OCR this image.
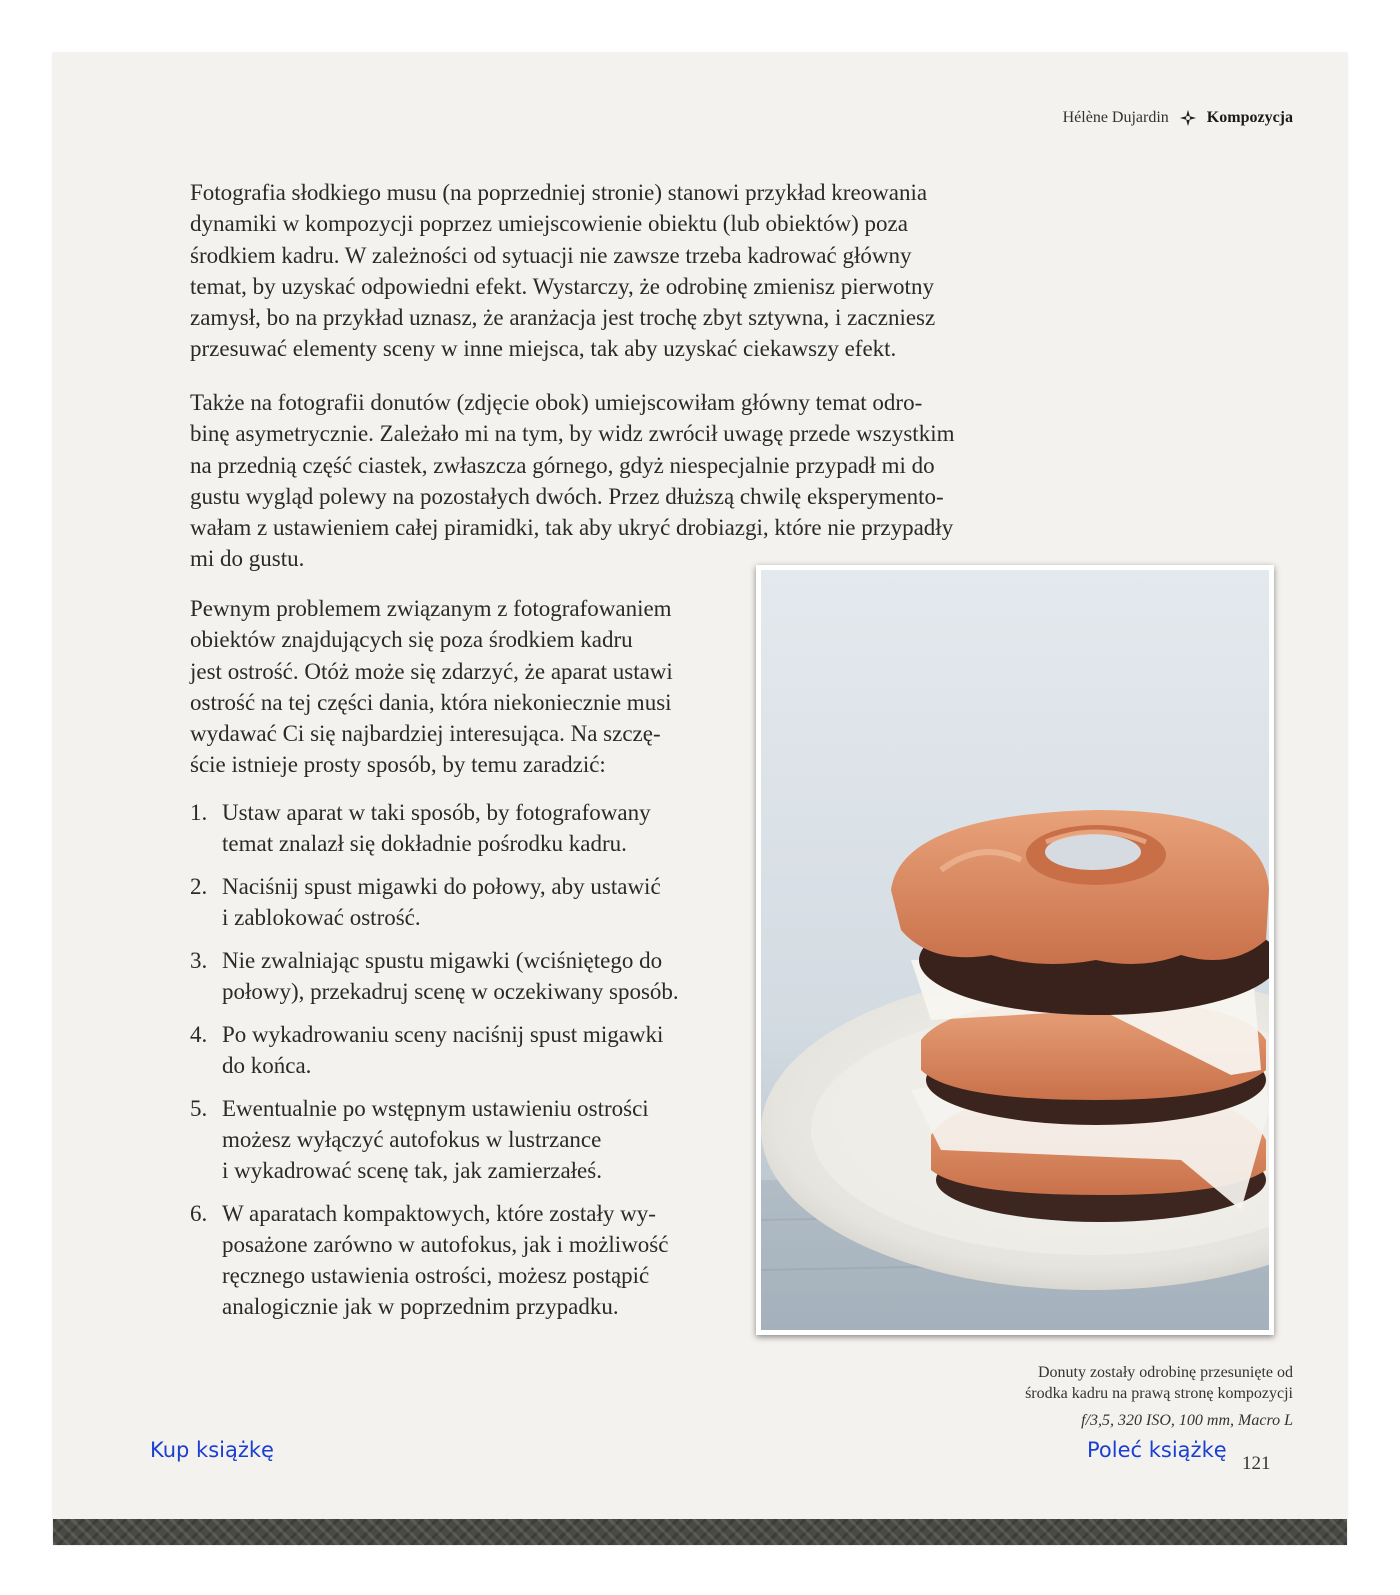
Hélène Dujardin Kompozycja

Fotografia słodkiego musu (na poprzedniej stronie) stanowi przykład kreowania
dynamiki w kompozycji poprzez umiejscowienie obiektu (lub obiektów) poza
środkiem kadru. W zależności od sytuacji nie zawsze trzeba kadrować główny
temat, by uzyskać odpowiedni efekt. Wystarczy, że odrobinę zmienisz pierwotny
zamysł, bo na przykład uznasz, że aranżacja jest trochę zbyt sztywna, i zaczniesz
przesuwać elementy sceny w inne miejsca, tak aby uzyskać ciekawszy efekt.

Także na fotografii donutów (zdjęcie obok) umiejscowiłam główny temat odro-
binę asymetrycznie. Zależało mi na tym, by widz zwrócił uwagę przede wszystkim
na przednią część ciastek, zwłaszcza górnego, gdyż niespecjalnie przypadł mi do
gustu wygląd polewy na pozostałych dwóch. Przez dłuższą chwilę eksperymento-
wałam z ustawieniem całej piramidki, tak aby ukryć drobiazgi, które nie przypadły
mi do gustu.

Pewnym problemem związanym z fotografowaniem
obiektów znajdujących się poza środkiem kadru
jest ostrość. Otóż może się zdarzyć, że aparat ustawi
ostrość na tej części dania, która niekoniecznie musi
wydawać Ci się najbardziej interesująca. Na szczę-
ście istnieje prosty sposób, by temu zaradzić:

1. Ustaw aparat w taki sposób, by fotografowany
temat znalazł się dokładnie pośrodku kadru.
2. Naciśnij spust migawki do połowy, aby ustawić
i zablokować ostrość.
3. Nie zwalniając spustu migawki (wciśniętego do
połowy), przekadruj scenę w oczekiwany sposób.
4. Po wykadrowaniu sceny naciśnij spust migawki
do końca.
5. Ewentualnie po wstępnym ustawieniu ostrości
możesz wyłączyć autofokus w lustrzance
i wykadrować scenę tak, jak zamierzałeś.
6. W aparatach kompaktowych, które zostały wy-
posażone zarówno w autofokus, jak i możliwość
ręcznego ustawienia ostrości, możesz postąpić
analogicznie jak w poprzednim przypadku.
Donuty zostały odrobinę przesunięte od
środka kadru na prawą stronę kompozycji
f/3,5, 320 ISO, 100 mm, Macro L
Kup książkę	Poleć książkę
121
